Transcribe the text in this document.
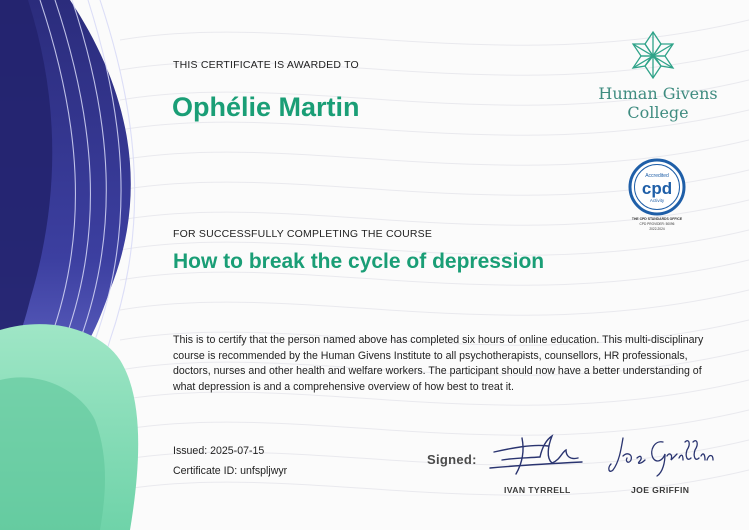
THIS CERTIFICATE IS AWARDED TO
Ophélie Martin
FOR SUCCESSFULLY COMPLETING THE COURSE
How to break the cycle of depression
This is to certify that the person named above has completed six hours of online education. This multi-disciplinary course is recommended by the Human Givens Institute to all psychotherapists, counsellors, HR professionals, doctors, nurses and other health and welfare workers. The participant should now have a better understanding of what depression is and a comprehensive overview of how best to treat it.
Issued: 2025-07-15
Certificate ID: unfspljwyr
Signed:
IVAN TYRRELL	JOE GRIFFIN
Human Givens
College
Accredited
cpd
Activity
THE CPD STANDARDS OFFICE
CPD PROVIDER: 50096
2022-2024
